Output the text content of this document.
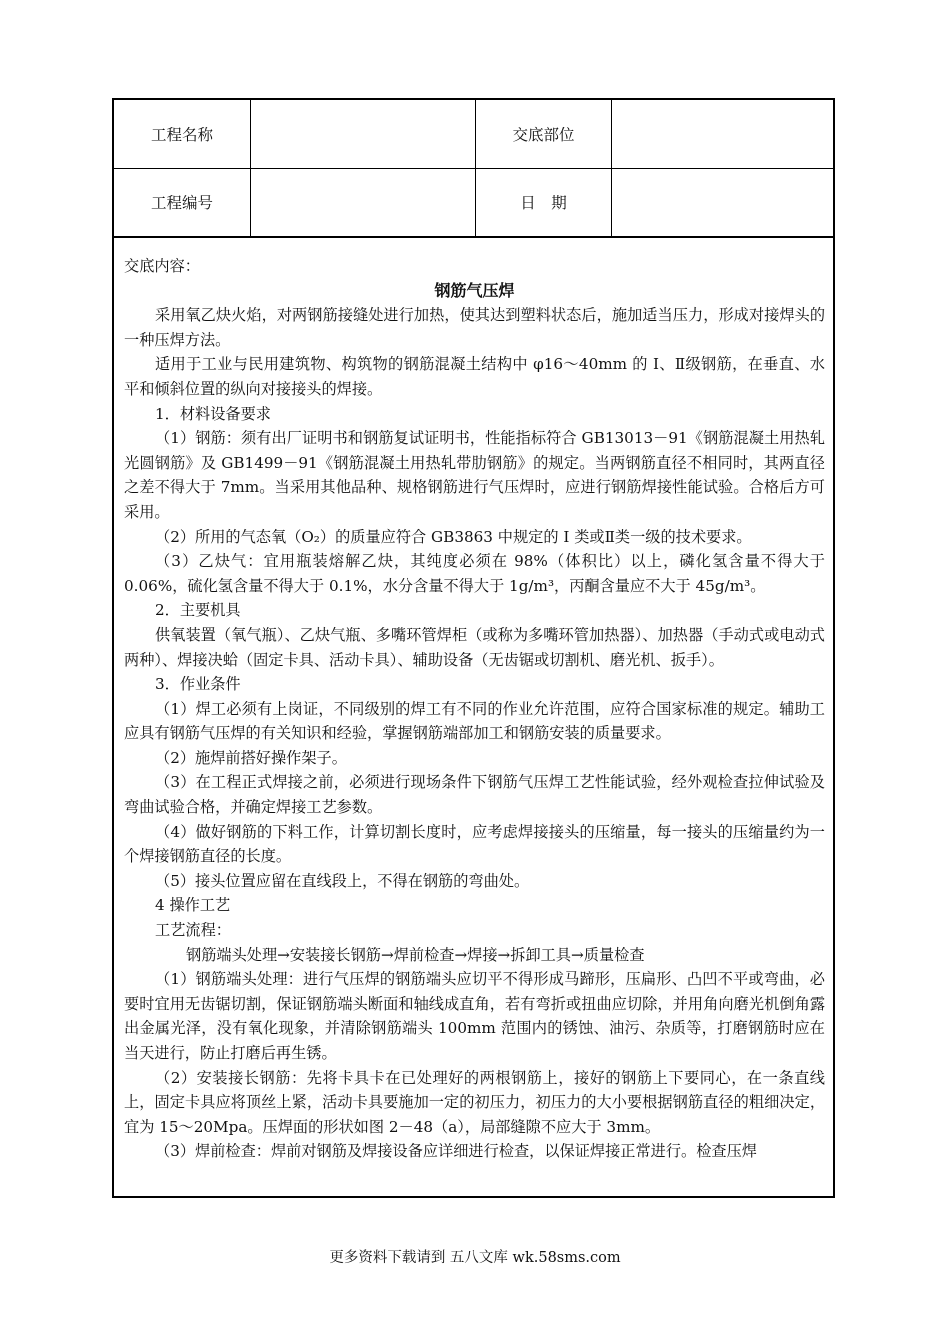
工程名称	交底部位
工程编号	日　期

交底内容：

钢筋气压焊

采用氧乙炔火焰，对两钢筋接缝处进行加热，使其达到塑料状态后，施加适当压力，形成对接焊头的一种压焊方法。

适用于工业与民用建筑物、构筑物的钢筋混凝土结构中 φ16～40mm 的 I、Ⅱ级钢筋，在垂直、水平和倾斜位置的纵向对接接头的焊接。

1．材料设备要求

（1）钢筋：须有出厂证明书和钢筋复试证明书，性能指标符合 GB13013－91《钢筋混凝土用热轧光圆钢筋》及 GB1499－91《钢筋混凝土用热轧带肋钢筋》的规定。当两钢筋直径不相同时，其两直径之差不得大于 7mm。当采用其他品种、规格钢筋进行气压焊时，应进行钢筋焊接性能试验。合格后方可采用。

（2）所用的气态氧（O₂）的质量应符合 GB3863 中规定的 I 类或Ⅱ类一级的技术要求。

（3）乙炔气：宜用瓶装熔解乙炔，其纯度必须在 98%（体积比）以上，磷化氢含量不得大于 0.06%，硫化氢含量不得大于 0.1%，水分含量不得大于 1g/m³，丙酮含量应不大于 45g/m³。

2．主要机具

供氧装置（氧气瓶）、乙炔气瓶、多嘴环管焊柜（或称为多嘴环管加热器）、加热器（手动式或电动式两种）、焊接决蛤（固定卡具、活动卡具）、辅助设备（无齿锯或切割机、磨光机、扳手）。

3．作业条件

（1）焊工必须有上岗证，不同级别的焊工有不同的作业允许范围，应符合国家标准的规定。辅助工应具有钢筋气压焊的有关知识和经验，掌握钢筋端部加工和钢筋安装的质量要求。

（2）施焊前搭好操作架子。

（3）在工程正式焊接之前，必须进行现场条件下钢筋气压焊工艺性能试验，经外观检查拉伸试验及弯曲试验合格，并确定焊接工艺参数。

（4）做好钢筋的下料工作，计算切割长度时，应考虑焊接接头的压缩量，每一接头的压缩量约为一个焊接钢筋直径的长度。

（5）接头位置应留在直线段上，不得在钢筋的弯曲处。

4 操作工艺

工艺流程：

钢筋端头处理→安装接长钢筋→焊前检查→焊接→拆卸工具→质量检查

（1）钢筋端头处理：进行气压焊的钢筋端头应切平不得形成马蹄形，压扁形、凸凹不平或弯曲，必要时宜用无齿锯切割，保证钢筋端头断面和轴线成直角，若有弯折或扭曲应切除，并用角向磨光机倒角露出金属光泽，没有氧化现象，并清除钢筋端头 100mm 范围内的锈蚀、油污、杂质等，打磨钢筋时应在当天进行，防止打磨后再生锈。

（2）安装接长钢筋：先将卡具卡在已处理好的两根钢筋上，接好的钢筋上下要同心，在一条直线上，固定卡具应将顶丝上紧，活动卡具要施加一定的初压力，初压力的大小要根据钢筋直径的粗细决定，宜为 15～20Mpa。压焊面的形状如图 2－48（a），局部缝隙不应大于 3mm。

（3）焊前检查：焊前对钢筋及焊接设备应详细进行检查，以保证焊接正常进行。检查压焊

更多资料下载请到 五八文库 wk.58sms.com
